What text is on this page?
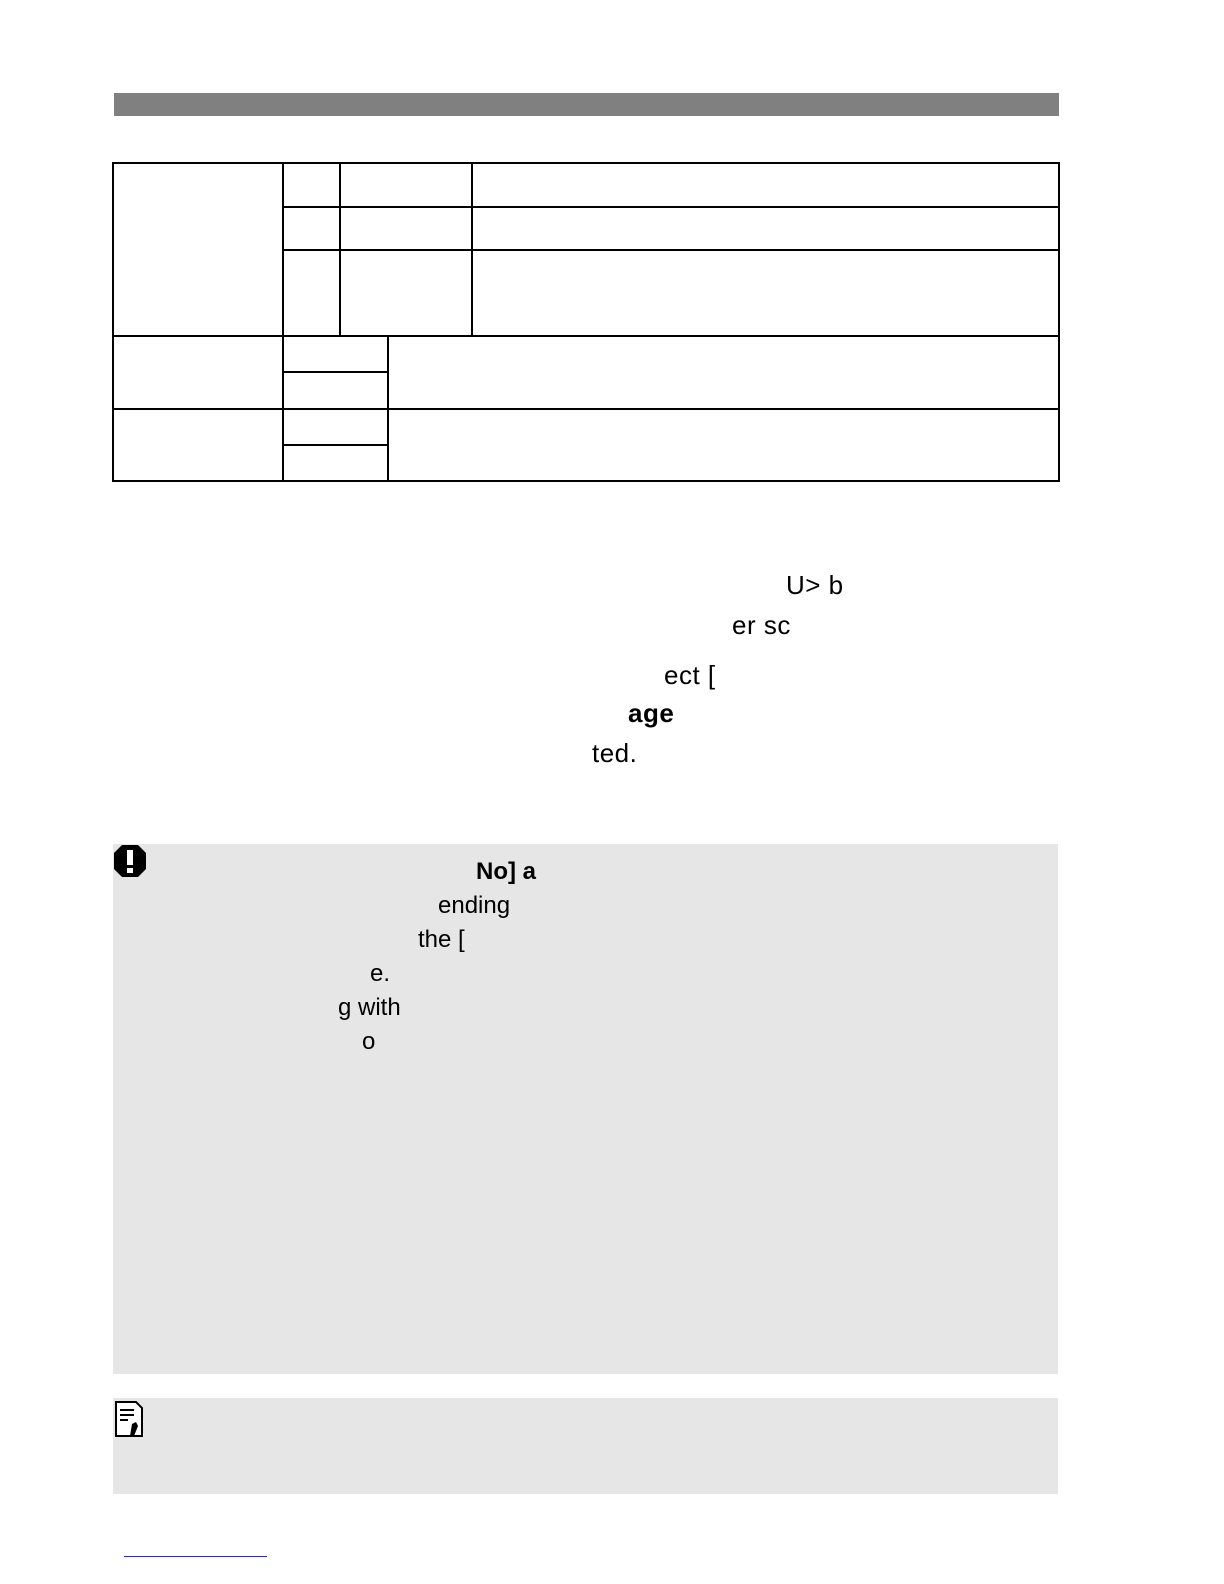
U> b
er sc
ect [
age
ted.
No] a
ending
the [
e.
g with
o
